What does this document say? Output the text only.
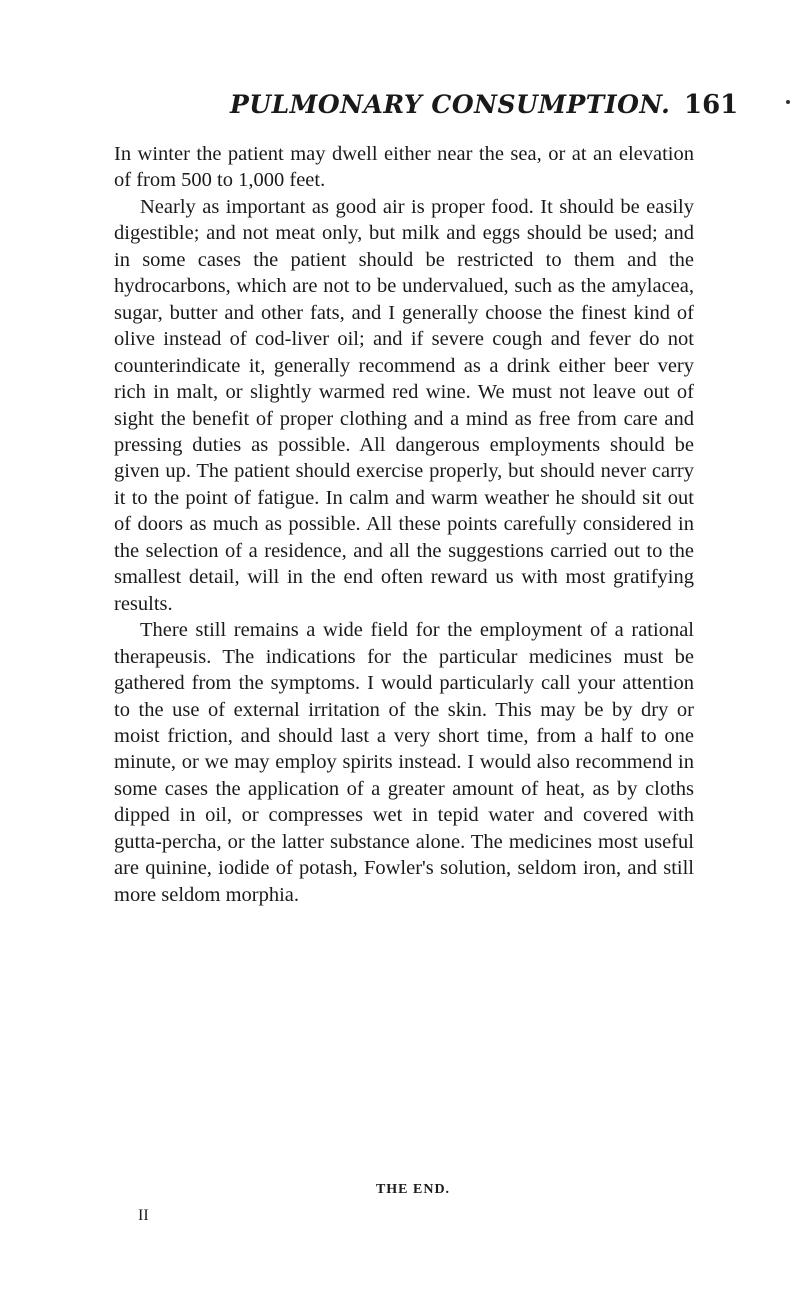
PULMONARY CONSUMPTION. 161

In winter the patient may dwell either near the sea, or at an elevation of from 500 to 1,000 feet.

Nearly as important as good air is proper food. It should be easily digestible; and not meat only, but milk and eggs should be used; and in some cases the patient should be restricted to them and the hydrocarbons, which are not to be undervalued, such as the amylacea, sugar, butter and other fats, and I generally choose the finest kind of olive instead of cod-liver oil; and if severe cough and fever do not counterindicate it, generally recommend as a drink either beer very rich in malt, or slightly warmed red wine. We must not leave out of sight the benefit of proper clothing and a mind as free from care and pressing duties as possible. All dangerous employments should be given up. The patient should exercise properly, but should never carry it to the point of fatigue. In calm and warm weather he should sit out of doors as much as possible. All these points carefully considered in the selection of a residence, and all the suggestions carried out to the smallest detail, will in the end often reward us with most gratifying results.

There still remains a wide field for the employment of a rational therapeusis. The indications for the particular medicines must be gathered from the symptoms. I would particularly call your attention to the use of external irritation of the skin. This may be by dry or moist friction, and should last a very short time, from a half to one minute, or we may employ spirits instead. I would also recommend in some cases the application of a greater amount of heat, as by cloths dipped in oil, or compresses wet in tepid water and covered with gutta-percha, or the latter substance alone. The medicines most useful are quinine, iodide of potash, Fowler's solution, seldom iron, and still more seldom morphia.

THE END.
II
